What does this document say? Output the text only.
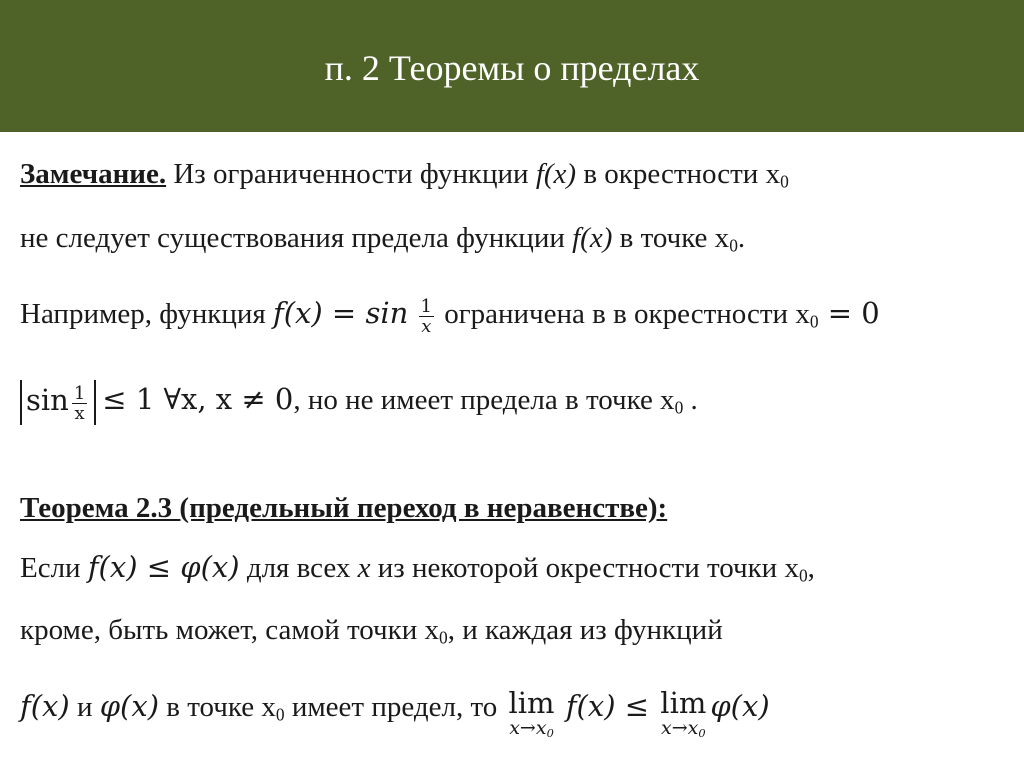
п. 2 Теоремы о пределах
Замечание. Из ограниченности функции f(x) в окрестности $x_0$
не следует существования предела функции f(x) в точке $x_0$.
Например, функция $f(x) = \sin \frac{1}{x}$ ограничена в в окрестности $x_0 = 0$
$\sin \frac{1}{x} \le 1$ ∀x, x ≠ 0, но не имеет предела в точке $x_0$ .
Теорема 2.3 (предельный переход в неравенстве):
Если f(x) ≤ φ(x) для всех x из некоторой окрестности точки $x_0$,
кроме, быть может, самой точки $x_0$, и каждая из функций
f(x) и φ(x) в точке $x_0$ имеет предел, то lim
$x\to x_0$
f(x) ≤ lim
$x\to x_0$
φ(x)
